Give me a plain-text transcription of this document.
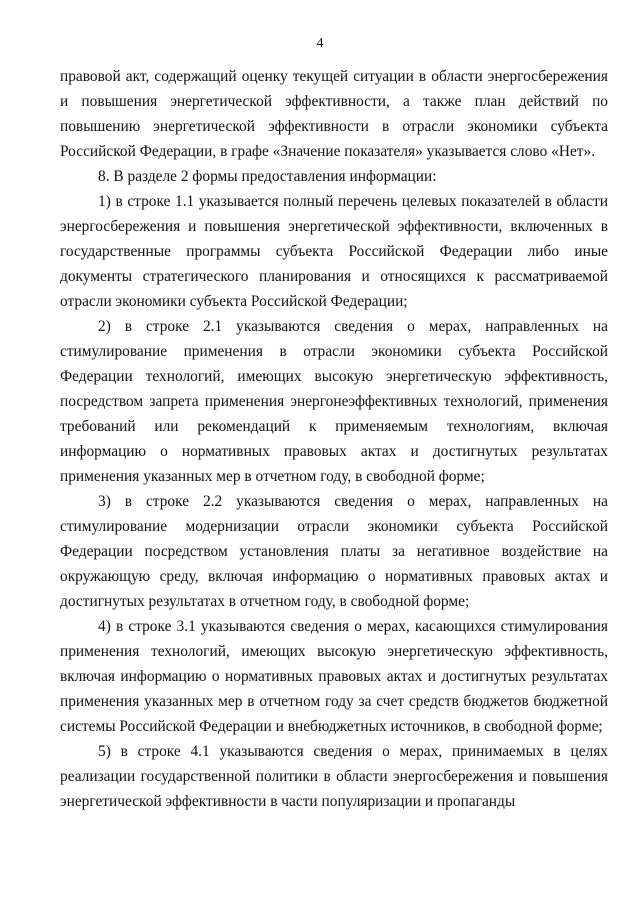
4

правовой акт, содержащий оценку текущей ситуации в области энергосбережения и повышения энергетической эффективности, а также план действий по повышению энергетической эффективности в отрасли экономики субъекта Российской Федерации, в графе «Значение показателя» указывается слово «Нет».

8. В разделе 2 формы предоставления информации:

1) в строке 1.1 указывается полный перечень целевых показателей в области энергосбережения и повышения энергетической эффективности, включенных в государственные программы субъекта Российской Федерации либо иные документы стратегического планирования и относящихся к рассматриваемой отрасли экономики субъекта Российской Федерации;

2) в строке 2.1 указываются сведения о мерах, направленных на стимулирование применения в отрасли экономики субъекта Российской Федерации технологий, имеющих высокую энергетическую эффективность, посредством запрета применения энергонеэффективных технологий, применения требований или рекомендаций к применяемым технологиям, включая информацию о нормативных правовых актах и достигнутых результатах применения указанных мер в отчетном году, в свободной форме;

3) в строке 2.2 указываются сведения о мерах, направленных на стимулирование модернизации отрасли экономики субъекта Российской Федерации посредством установления платы за негативное воздействие на окружающую среду, включая информацию о нормативных правовых актах и достигнутых результатах в отчетном году, в свободной форме;

4) в строке 3.1 указываются сведения о мерах, касающихся стимулирования применения технологий, имеющих высокую энергетическую эффективность, включая информацию о нормативных правовых актах и достигнутых результатах применения указанных мер в отчетном году за счет средств бюджетов бюджетной системы Российской Федерации и внебюджетных источников, в свободной форме;

5) в строке 4.1 указываются сведения о мерах, принимаемых в целях реализации государственной политики в области энергосбережения и повышения энергетической эффективности в части популяризации и пропаганды
